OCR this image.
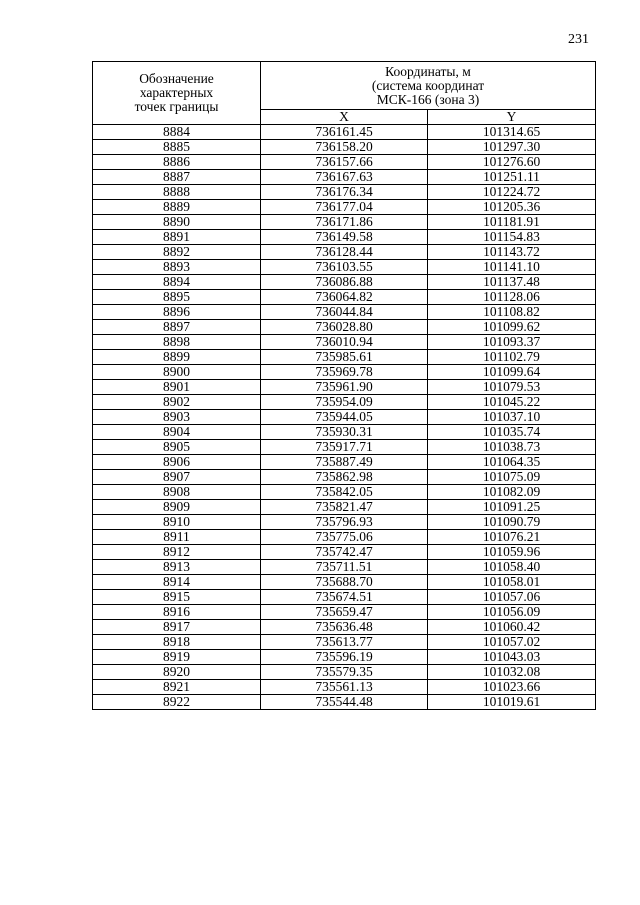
231
Обозначение
характерных
точек границы	Координаты, м
(система координат
МСК-166 (зона 3)	

	X	Y
8884	736161.45	101314.65
8885	736158.20	101297.30
8886	736157.66	101276.60
8887	736167.63	101251.11
8888	736176.34	101224.72
8889	736177.04	101205.36
8890	736171.86	101181.91
8891	736149.58	101154.83
8892	736128.44	101143.72
8893	736103.55	101141.10
8894	736086.88	101137.48
8895	736064.82	101128.06
8896	736044.84	101108.82
8897	736028.80	101099.62
8898	736010.94	101093.37
8899	735985.61	101102.79
8900	735969.78	101099.64
8901	735961.90	101079.53
8902	735954.09	101045.22
8903	735944.05	101037.10
8904	735930.31	101035.74
8905	735917.71	101038.73
8906	735887.49	101064.35
8907	735862.98	101075.09
8908	735842.05	101082.09
8909	735821.47	101091.25
8910	735796.93	101090.79
8911	735775.06	101076.21
8912	735742.47	101059.96
8913	735711.51	101058.40
8914	735688.70	101058.01
8915	735674.51	101057.06
8916	735659.47	101056.09
8917	735636.48	101060.42
8918	735613.77	101057.02
8919	735596.19	101043.03
8920	735579.35	101032.08
8921	735561.13	101023.66
8922	735544.48	101019.61
